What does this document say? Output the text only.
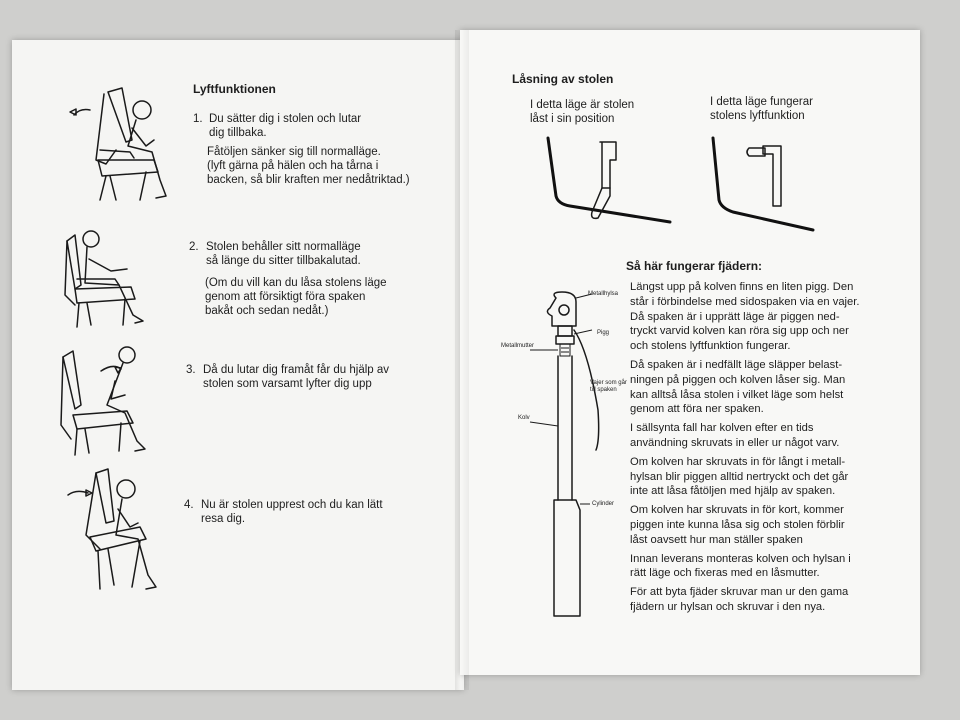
Lyftfunktionen
1. Du sätter dig i stolen och lutar
dig tillbaka.
Fåtöljen sänker sig till normalläge.
(lyft gärna på hälen och ha tårna i
backen, så blir kraften mer nedåtriktad.)
2. Stolen behåller sitt normalläge
så länge du sitter tillbakalutad.
(Om du vill kan du låsa stolens läge
genom att försiktigt föra spaken
bakåt och sedan nedåt.)
3. Då du lutar dig framåt får du hjälp av
stolen som varsamt lyfter dig upp
4. Nu är stolen upprest och du kan lätt
resa dig.
Låsning av stolen
I detta läge är stolen
låst i sin position
I detta läge fungerar
stolens lyftfunktion
Så här fungerar fjädern:
Metallhylsa
Pigg
Metallmutter
Vajer som går
till spaken
Kolv
Cylinder
Längst upp på kolven finns en liten pigg. Den
står i förbindelse med sidospaken via en vajer.
Då spaken är i upprätt läge är piggen ned-
tryckt varvid kolven kan röra sig upp och ner
och stolens lyftfunktion fungerar.
Då spaken är i nedfällt läge släpper belast-
ningen på piggen och kolven låser sig. Man
kan alltså låsa stolen i vilket läge som helst
genom att föra ner spaken.
I sällsynta fall har kolven efter en tids
användning skruvats in eller ur något varv.
Om kolven har skruvats in för långt i metall-
hylsan blir piggen alltid nertryckt och det går
inte att låsa fåtöljen med hjälp av spaken.
Om kolven har skruvats in för kort, kommer
piggen inte kunna låsa sig och stolen förblir
låst oavsett hur man ställer spaken
Innan leverans monteras kolven och hylsan i
rätt läge och fixeras med en låsmutter.
För att byta fjäder skruvar man ur den gama
fjädern ur hylsan och skruvar i den nya.
